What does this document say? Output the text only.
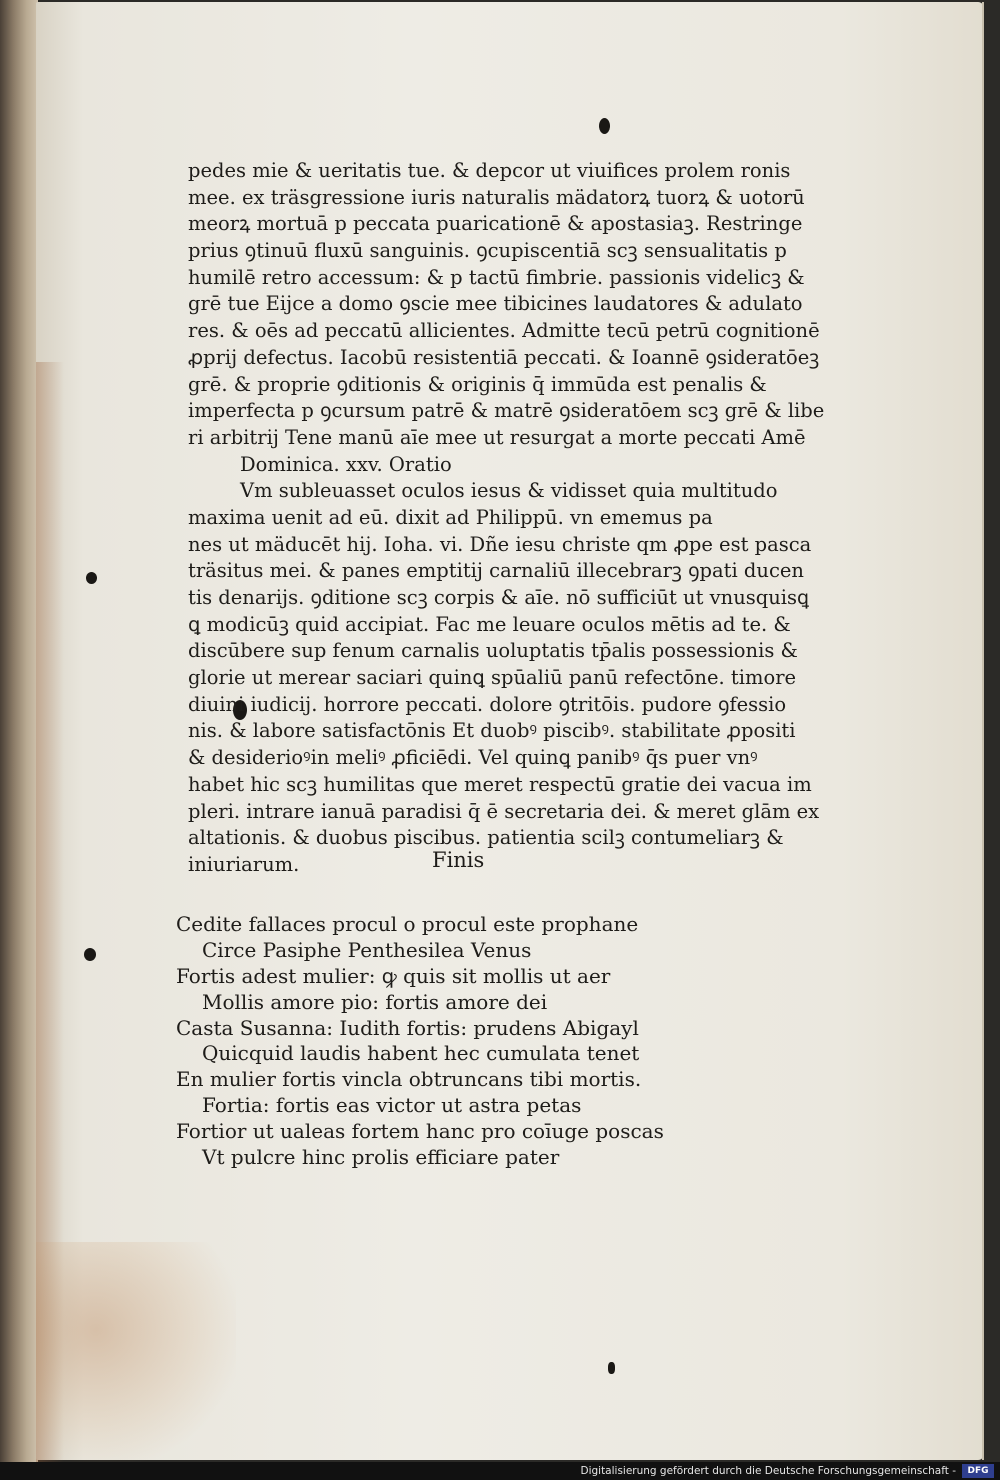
pedes mie & ueritatis tue. & depcor ut viuifices prolem ronis
mee. ex träsgressione iuris naturalis mädatorꝝ tuorꝝ & uotorū
meorꝝ mortuā p peccata puaricationē & apostasiaꝫ. Restringe
prius ꝯtinuū fluxū sanguinis. ꝯcupiscentiā scꝫ sensualitatis p
humilē retro accessum: & p tactū fimbrie. passionis videlicꝫ &
grē tue Eijce a domo ꝯscie mee tibicines laudatores & adulato
res. & oēs ad peccatū allicientes. Admitte tecū petrū cognitionē
ꝓprij defectus. Iacobū resistentiā peccati. & Ioannē ꝯsideratōeꝫ
grē. & proprie ꝯditionis & originis q̄ immūda est penalis &
imperfecta p ꝯcursum patrē & matrē ꝯsideratōem scꝫ grē & libe
ri arbitrij Tene manū aīe mee ut resurgat a morte peccati Amē
Dominica. xxv. Oratio
Vm subleuasset oculos iesus & vidisset quia multitudo
maxima uenit ad eū. dixit ad Philippū. vn ememus pa
nes ut mäducēt hij. Ioha. vi. Dñe iesu christe qm ꝓpe est pasca
träsitus mei. & panes emptitij carnaliū illecebrarꝫ ꝯpati ducen
tis denarijs. ꝯditione scꝫ corpis & aīe. nō sufficiūt ut vnusquisꝗ
ꝗ modicūꝫ quid accipiat. Fac me leuare oculos mētis ad te. &
discūbere sup fenum carnalis uoluptatis tp̄alis possessionis &
glorie ut merear saciari quinꝗ spūaliū panū refectōne. timore
diuini iudicij. horrore peccati. dolore ꝯtritōis. pudore ꝯfessio
nis. & labore satisfactōnis Et duobꝰ piscibꝰ. stabilitate ꝓpositi
& desiderioꝰin meliꝰ ꝓficiēdi. Vel quinꝗ panibꝰ q̄s puer vnꝰ
habet hic scꝫ humilitas que meret respectū gratie dei vacua im
pleri. intrare ianuā paradisi q̄ ē secretaria dei. & meret glām ex
altationis. & duobus piscibus. patientia scilꝫ contumeliarꝫ &
iniuriarum.	Finis
Cedite fallaces procul o procul este prophane
Circe Pasiphe Penthesilea Venus
Fortis adest mulier: ꝙ quis sit mollis ut aer
Mollis amore pio: fortis amore dei
Casta Susanna: Iudith fortis: prudens Abigayl
Quicquid laudis habent hec cumulata tenet
En mulier fortis vincla obtruncans tibi mortis.
Fortia: fortis eas victor ut astra petas
Fortior ut ualeas fortem hanc pro coīuge poscas
Vt pulcre hinc prolis efficiare pater
Digitalisierung gefördert durch die Deutsche Forschungsgemeinschaft -	DFG
